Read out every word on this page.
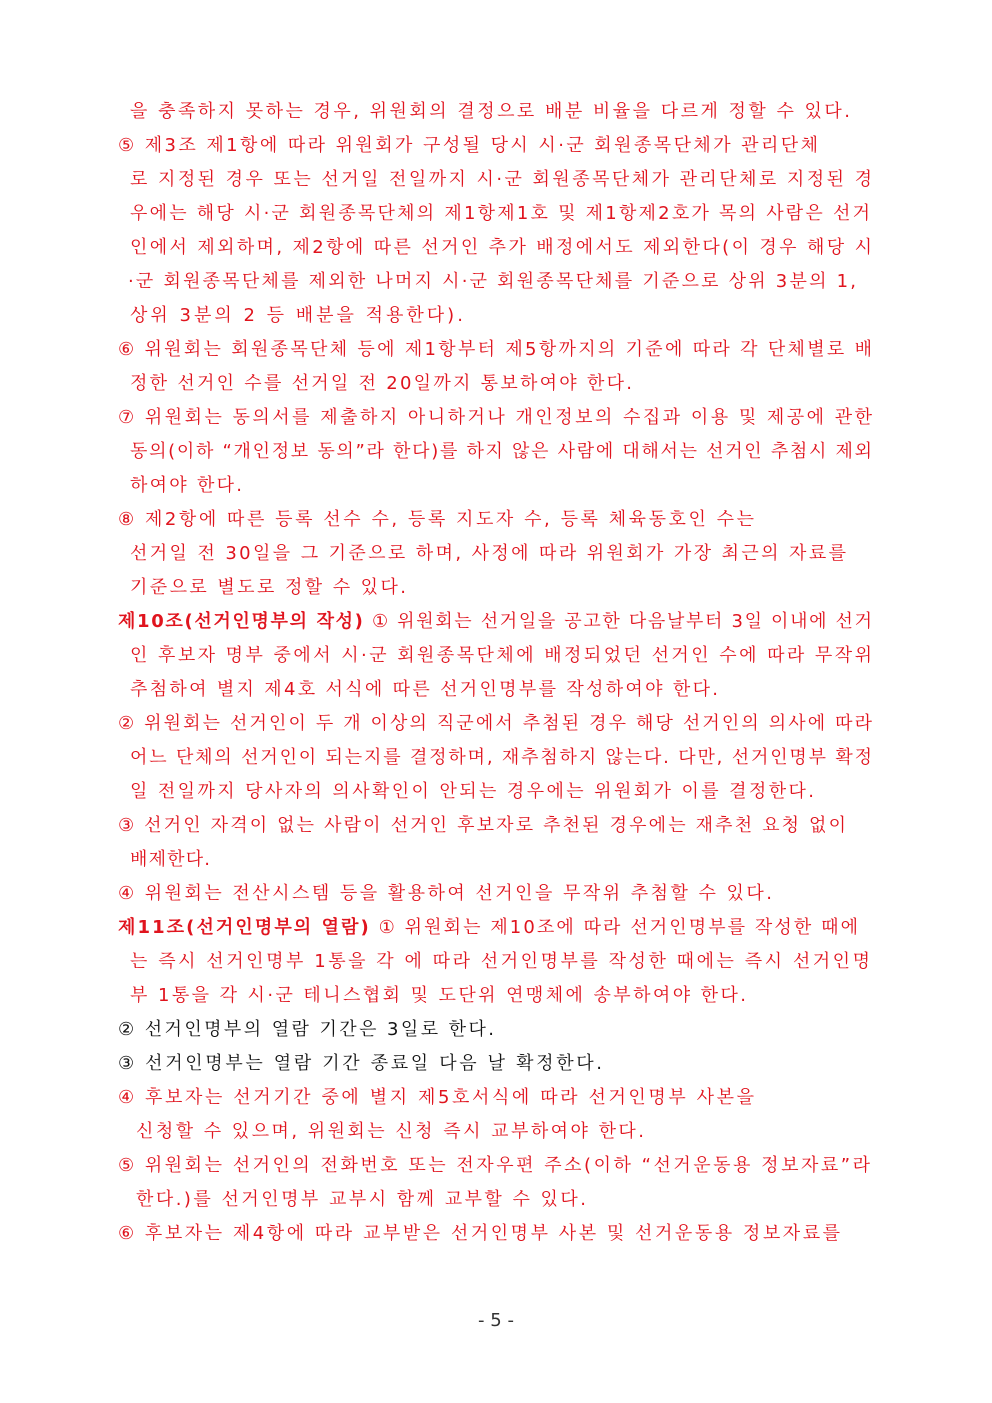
을 충족하지 못하는 경우, 위원회의 결정으로 배분 비율을 다르게 정할 수 있다.
⑤ 제3조 제1항에 따라 위원회가 구성될 당시 시·군 회원종목단체가 관리단체
로 지정된 경우 또는 선거일 전일까지 시·군 회원종목단체가 관리단체로 지정된 경
우에는 해당 시·군 회원종목단체의 제1항제1호 및 제1항제2호가 목의 사람은 선거
인에서 제외하며, 제2항에 따른 선거인 추가 배정에서도 제외한다(이 경우 해당 시
·군 회원종목단체를 제외한 나머지 시·군 회원종목단체를 기준으로 상위 3분의 1,
상위 3분의 2 등 배분을 적용한다).
⑥ 위원회는 회원종목단체 등에 제1항부터 제5항까지의 기준에 따라 각 단체별로 배
정한 선거인 수를 선거일 전 20일까지 통보하여야 한다.
⑦ 위원회는 동의서를 제출하지 아니하거나 개인정보의 수집과 이용 및 제공에 관한
동의(이하 “개인정보 동의”라 한다)를 하지 않은 사람에 대해서는 선거인 추첨시 제외
하여야 한다.
⑧ 제2항에 따른 등록 선수 수, 등록 지도자 수, 등록 체육동호인 수는
선거일 전 30일을 그 기준으로 하며, 사정에 따라 위원회가 가장 최근의 자료를
기준으로 별도로 정할 수 있다.
제10조(선거인명부의 작성) ① 위원회는 선거일을 공고한 다음날부터 3일 이내에 선거
인 후보자 명부 중에서 시·군 회원종목단체에 배정되었던 선거인 수에 따라 무작위
추첨하여 별지 제4호 서식에 따른 선거인명부를 작성하여야 한다.
② 위원회는 선거인이 두 개 이상의 직군에서 추첨된 경우 해당 선거인의 의사에 따라
어느 단체의 선거인이 되는지를 결정하며, 재추첨하지 않는다. 다만, 선거인명부 확정
일 전일까지 당사자의 의사확인이 안되는 경우에는 위원회가 이를 결정한다.
③ 선거인 자격이 없는 사람이 선거인 후보자로 추천된 경우에는 재추천 요청 없이
배제한다.
④ 위원회는 전산시스템 등을 활용하여 선거인을 무작위 추첨할 수 있다.
제11조(선거인명부의 열람) ① 위원회는 제10조에 따라 선거인명부를 작성한 때에
는 즉시 선거인명부 1통을 각 에 따라 선거인명부를 작성한 때에는 즉시 선거인명
부 1통을 각 시·군 테니스협회 및 도단위 연맹체에 송부하여야 한다.
② 선거인명부의 열람 기간은 3일로 한다.
③ 선거인명부는 열람 기간 종료일 다음 날 확정한다.
④ 후보자는 선거기간 중에 별지 제5호서식에 따라 선거인명부 사본을
신청할 수 있으며, 위원회는 신청 즉시 교부하여야 한다.
⑤ 위원회는 선거인의 전화번호 또는 전자우편 주소(이하 “선거운동용 정보자료”라
한다.)를 선거인명부 교부시 함께 교부할 수 있다.
⑥ 후보자는 제4항에 따라 교부받은 선거인명부 사본 및 선거운동용 정보자료를
- 5 -
